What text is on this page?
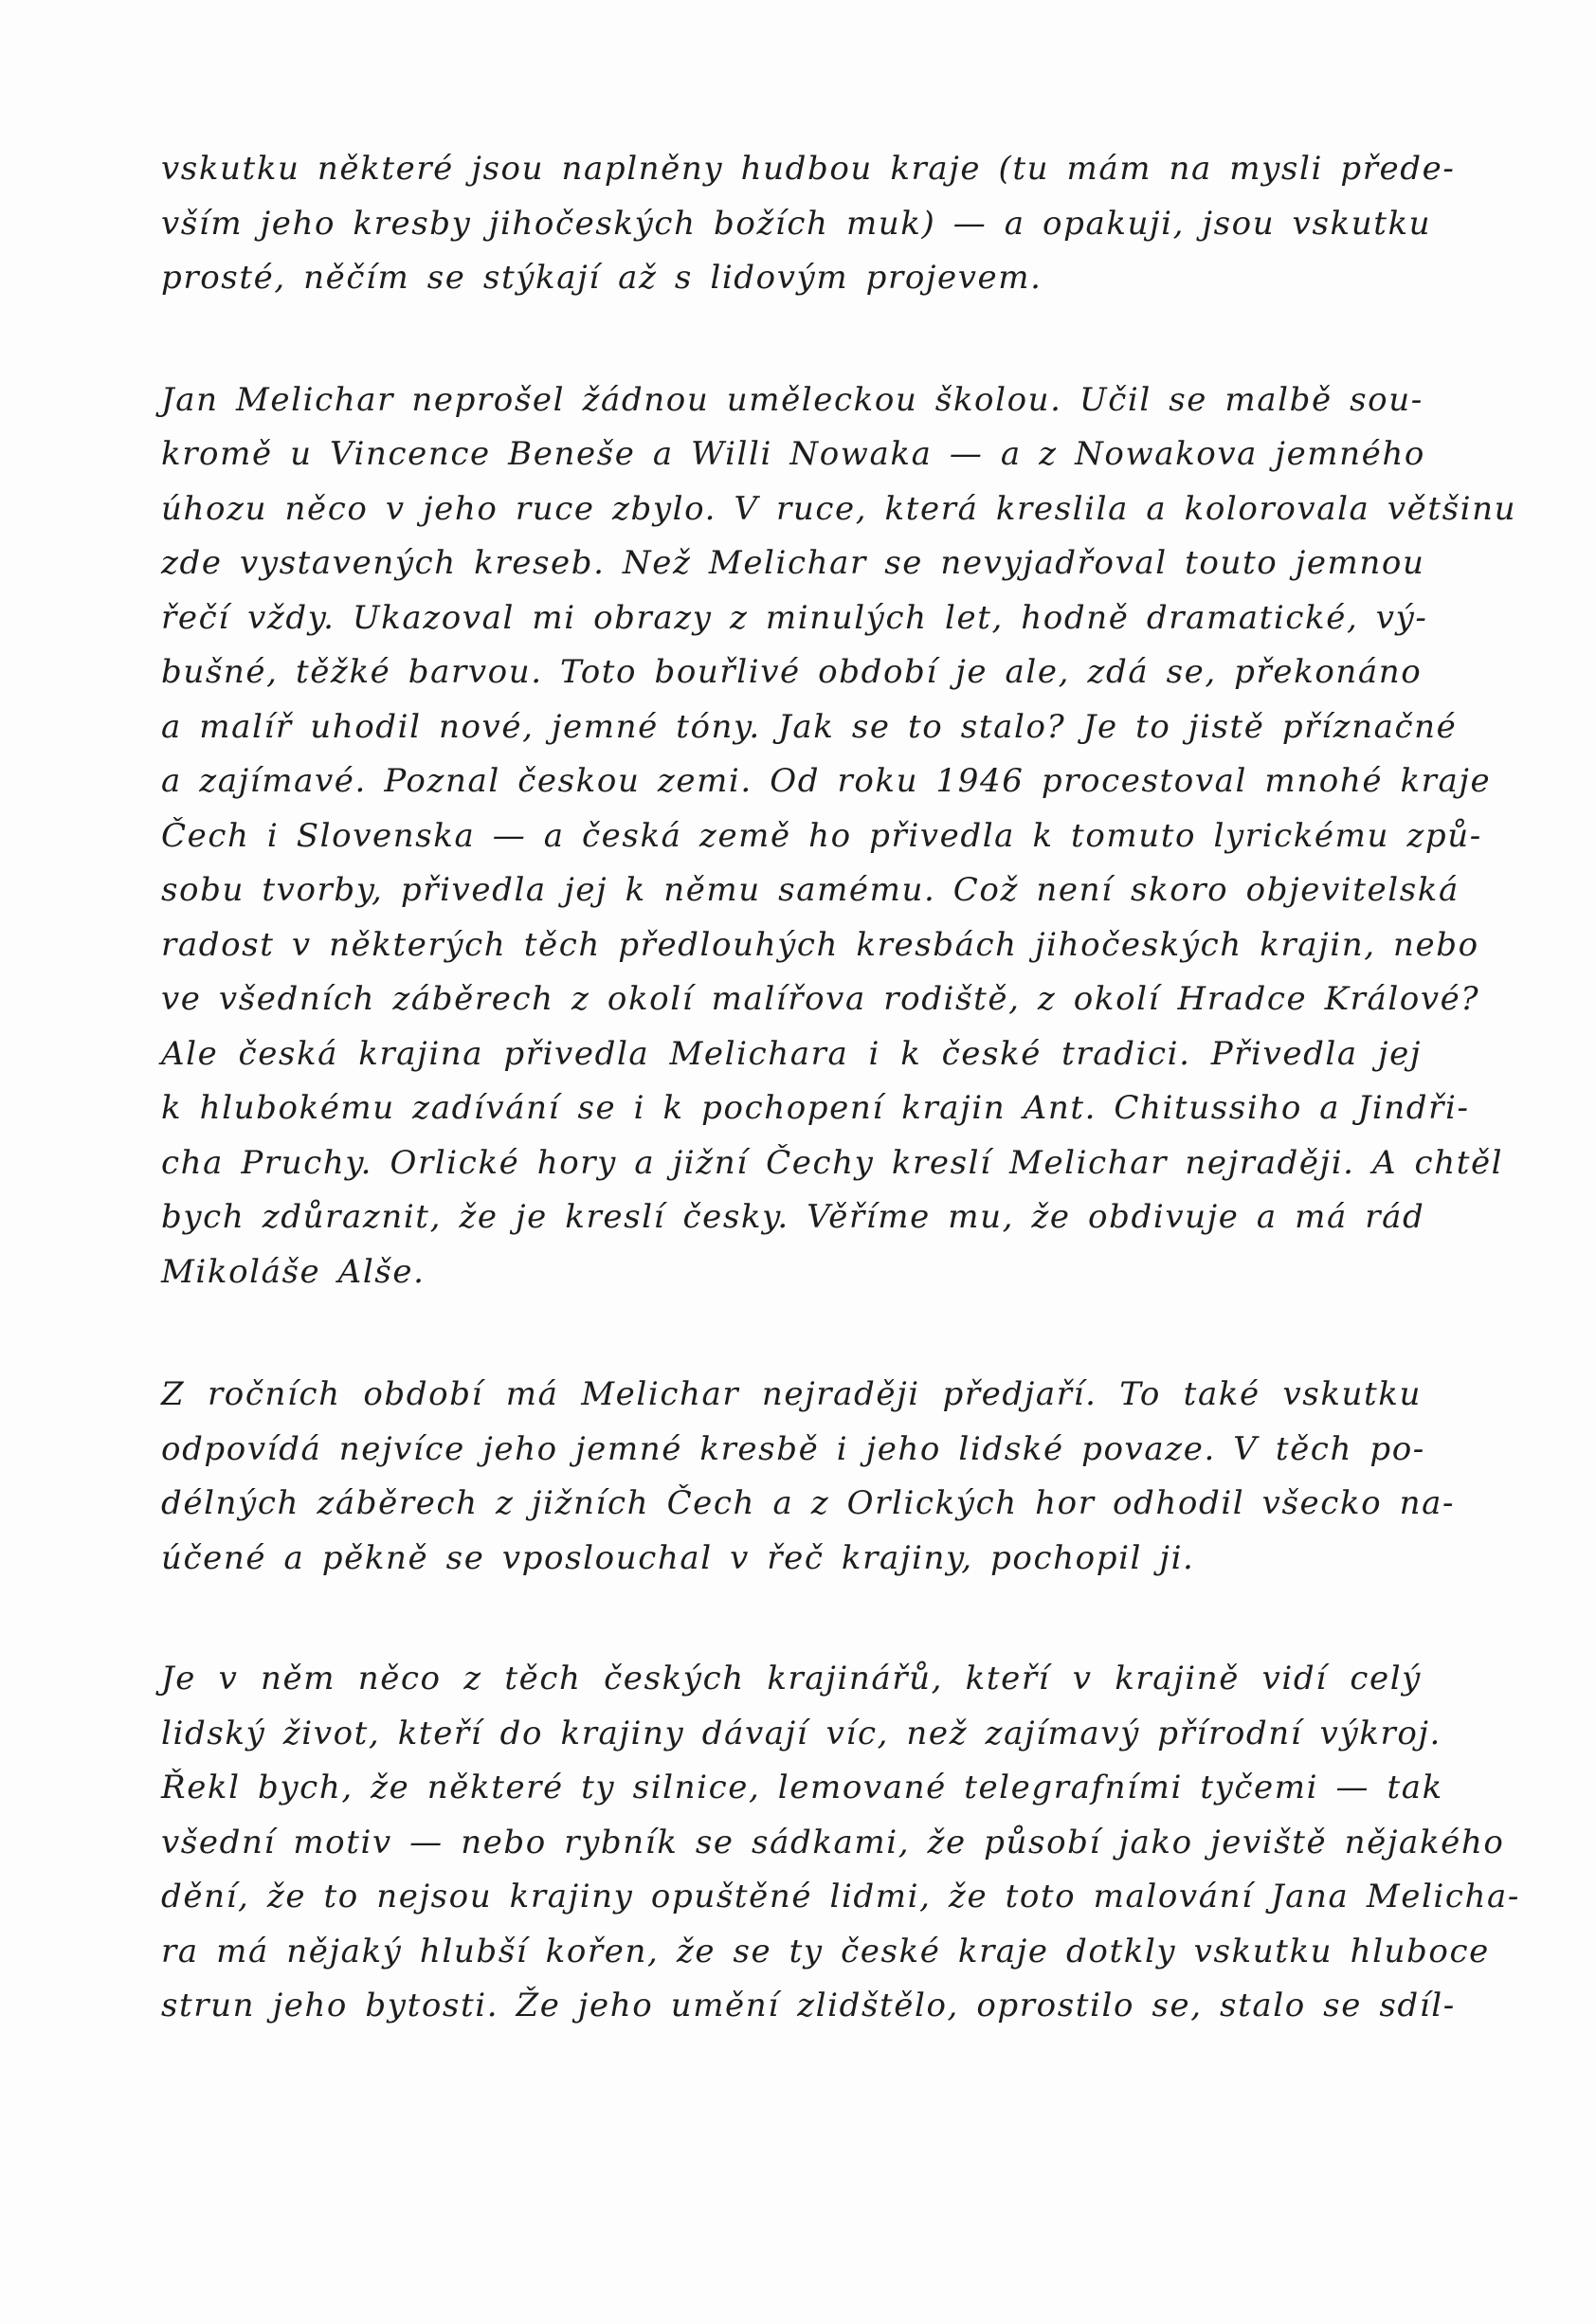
vskutku některé jsou naplněny hudbou kraje (tu mám na mysli přede-
vším jeho kresby jihočeských božích muk) — a opakuji, jsou vskutku
prosté, něčím se stýkají až s lidovým projevem.

Jan Melichar neprošel žádnou uměleckou školou. Učil se malbě sou-
kromě u Vincence Beneše a Willi Nowaka — a z Nowakova jemného
úhozu něco v jeho ruce zbylo. V ruce, která kreslila a kolorovala většinu
zde vystavených kreseb. Než Melichar se nevyjadřoval touto jemnou
řečí vždy. Ukazoval mi obrazy z minulých let, hodně dramatické, vý-
bušné, těžké barvou. Toto bouřlivé období je ale, zdá se, překonáno
a malíř uhodil nové, jemné tóny. Jak se to stalo? Je to jistě příznačné
a zajímavé. Poznal českou zemi. Od roku 1946 procestoval mnohé kraje
Čech i Slovenska — a česká země ho přivedla k tomuto lyrickému způ-
sobu tvorby, přivedla jej k němu samému. Což není skoro objevitelská
radost v některých těch předlouhých kresbách jihočeských krajin, nebo
ve všedních záběrech z okolí malířova rodiště, z okolí Hradce Králové?
Ale česká krajina přivedla Melichara i k české tradici. Přivedla jej
k hlubokému zadívání se i k pochopení krajin Ant. Chitussiho a Jindři-
cha Pruchy. Orlické hory a jižní Čechy kreslí Melichar nejraději. A chtěl
bych zdůraznit, že je kreslí česky. Věříme mu, že obdivuje a má rád
Mikoláše Alše.

Z ročních období má Melichar nejraději předjaří. To také vskutku
odpovídá nejvíce jeho jemné kresbě i jeho lidské povaze. V těch po-
délných záběrech z jižních Čech a z Orlických hor odhodil všecko na-
účené a pěkně se vposlouchal v řeč krajiny, pochopil ji.

Je v něm něco z těch českých krajinářů, kteří v krajině vidí celý
lidský život, kteří do krajiny dávají víc, než zajímavý přírodní výkroj.
Řekl bych, že některé ty silnice, lemované telegrafními tyčemi — tak
všední motiv — nebo rybník se sádkami, že působí jako jeviště nějakého
dění, že to nejsou krajiny opuštěné lidmi, že toto malování Jana Melicha-
ra má nějaký hlubší kořen, že se ty české kraje dotkly vskutku hluboce
strun jeho bytosti. Že jeho umění zlidštělo, oprostilo se, stalo se sdíl-
